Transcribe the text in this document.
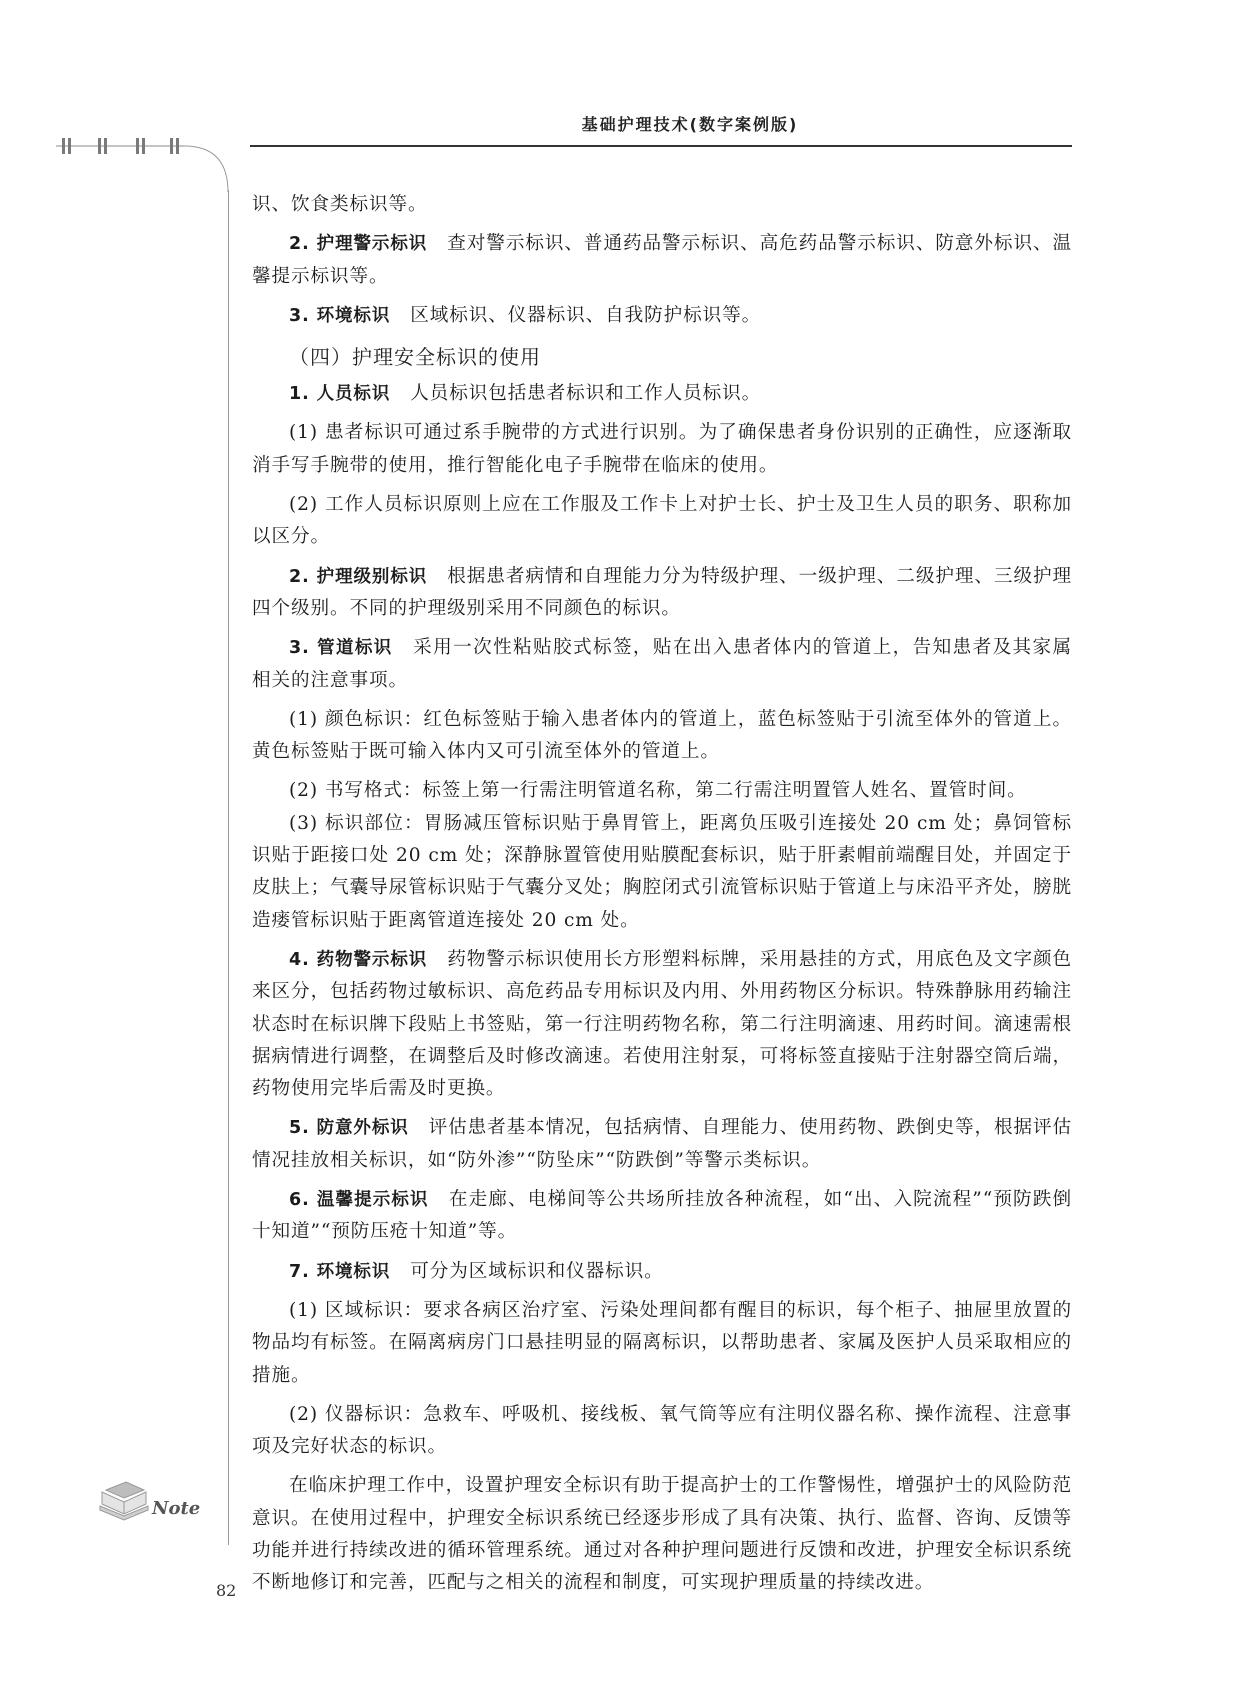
基础护理技术(数字案例版)
Note
82

识、饮食类标识等。

2. 护理警示标识 查对警示标识、普通药品警示标识、高危药品警示标识、防意外标识、温馨提示标识等。

3. 环境标识 区域标识、仪器标识、自我防护标识等。

（四）护理安全标识的使用

1. 人员标识 人员标识包括患者标识和工作人员标识。

(1) 患者标识可通过系手腕带的方式进行识别。为了确保患者身份识别的正确性，应逐渐取消手写手腕带的使用，推行智能化电子手腕带在临床的使用。

(2) 工作人员标识原则上应在工作服及工作卡上对护士长、护士及卫生人员的职务、职称加以区分。

2. 护理级别标识 根据患者病情和自理能力分为特级护理、一级护理、二级护理、三级护理四个级别。不同的护理级别采用不同颜色的标识。

3. 管道标识 采用一次性粘贴胶式标签，贴在出入患者体内的管道上，告知患者及其家属相关的注意事项。

(1) 颜色标识：红色标签贴于输入患者体内的管道上，蓝色标签贴于引流至体外的管道上。黄色标签贴于既可输入体内又可引流至体外的管道上。

(2) 书写格式：标签上第一行需注明管道名称，第二行需注明置管人姓名、置管时间。

(3) 标识部位：胃肠减压管标识贴于鼻胃管上，距离负压吸引连接处 20 cm 处；鼻饲管标识贴于距接口处 20 cm 处；深静脉置管使用贴膜配套标识，贴于肝素帽前端醒目处，并固定于皮肤上；气囊导尿管标识贴于气囊分叉处；胸腔闭式引流管标识贴于管道上与床沿平齐处，膀胱造瘘管标识贴于距离管道连接处 20 cm 处。

4. 药物警示标识 药物警示标识使用长方形塑料标牌，采用悬挂的方式，用底色及文字颜色来区分，包括药物过敏标识、高危药品专用标识及内用、外用药物区分标识。特殊静脉用药输注状态时在标识牌下段贴上书签贴，第一行注明药物名称，第二行注明滴速、用药时间。滴速需根据病情进行调整，在调整后及时修改滴速。若使用注射泵，可将标签直接贴于注射器空筒后端，药物使用完毕后需及时更换。

5. 防意外标识 评估患者基本情况，包括病情、自理能力、使用药物、跌倒史等，根据评估情况挂放相关标识，如“防外渗”“防坠床”“防跌倒”等警示类标识。

6. 温馨提示标识 在走廊、电梯间等公共场所挂放各种流程，如“出、入院流程”“预防跌倒十知道”“预防压疮十知道”等。

7. 环境标识 可分为区域标识和仪器标识。

(1) 区域标识：要求各病区治疗室、污染处理间都有醒目的标识，每个柜子、抽屉里放置的物品均有标签。在隔离病房门口悬挂明显的隔离标识，以帮助患者、家属及医护人员采取相应的措施。

(2) 仪器标识：急救车、呼吸机、接线板、氧气筒等应有注明仪器名称、操作流程、注意事项及完好状态的标识。

在临床护理工作中，设置护理安全标识有助于提高护士的工作警惕性，增强护士的风险防范意识。在使用过程中，护理安全标识系统已经逐步形成了具有决策、执行、监督、咨询、反馈等功能并进行持续改进的循环管理系统。通过对各种护理问题进行反馈和改进，护理安全标识系统不断地修订和完善，匹配与之相关的流程和制度，可实现护理质量的持续改进。
